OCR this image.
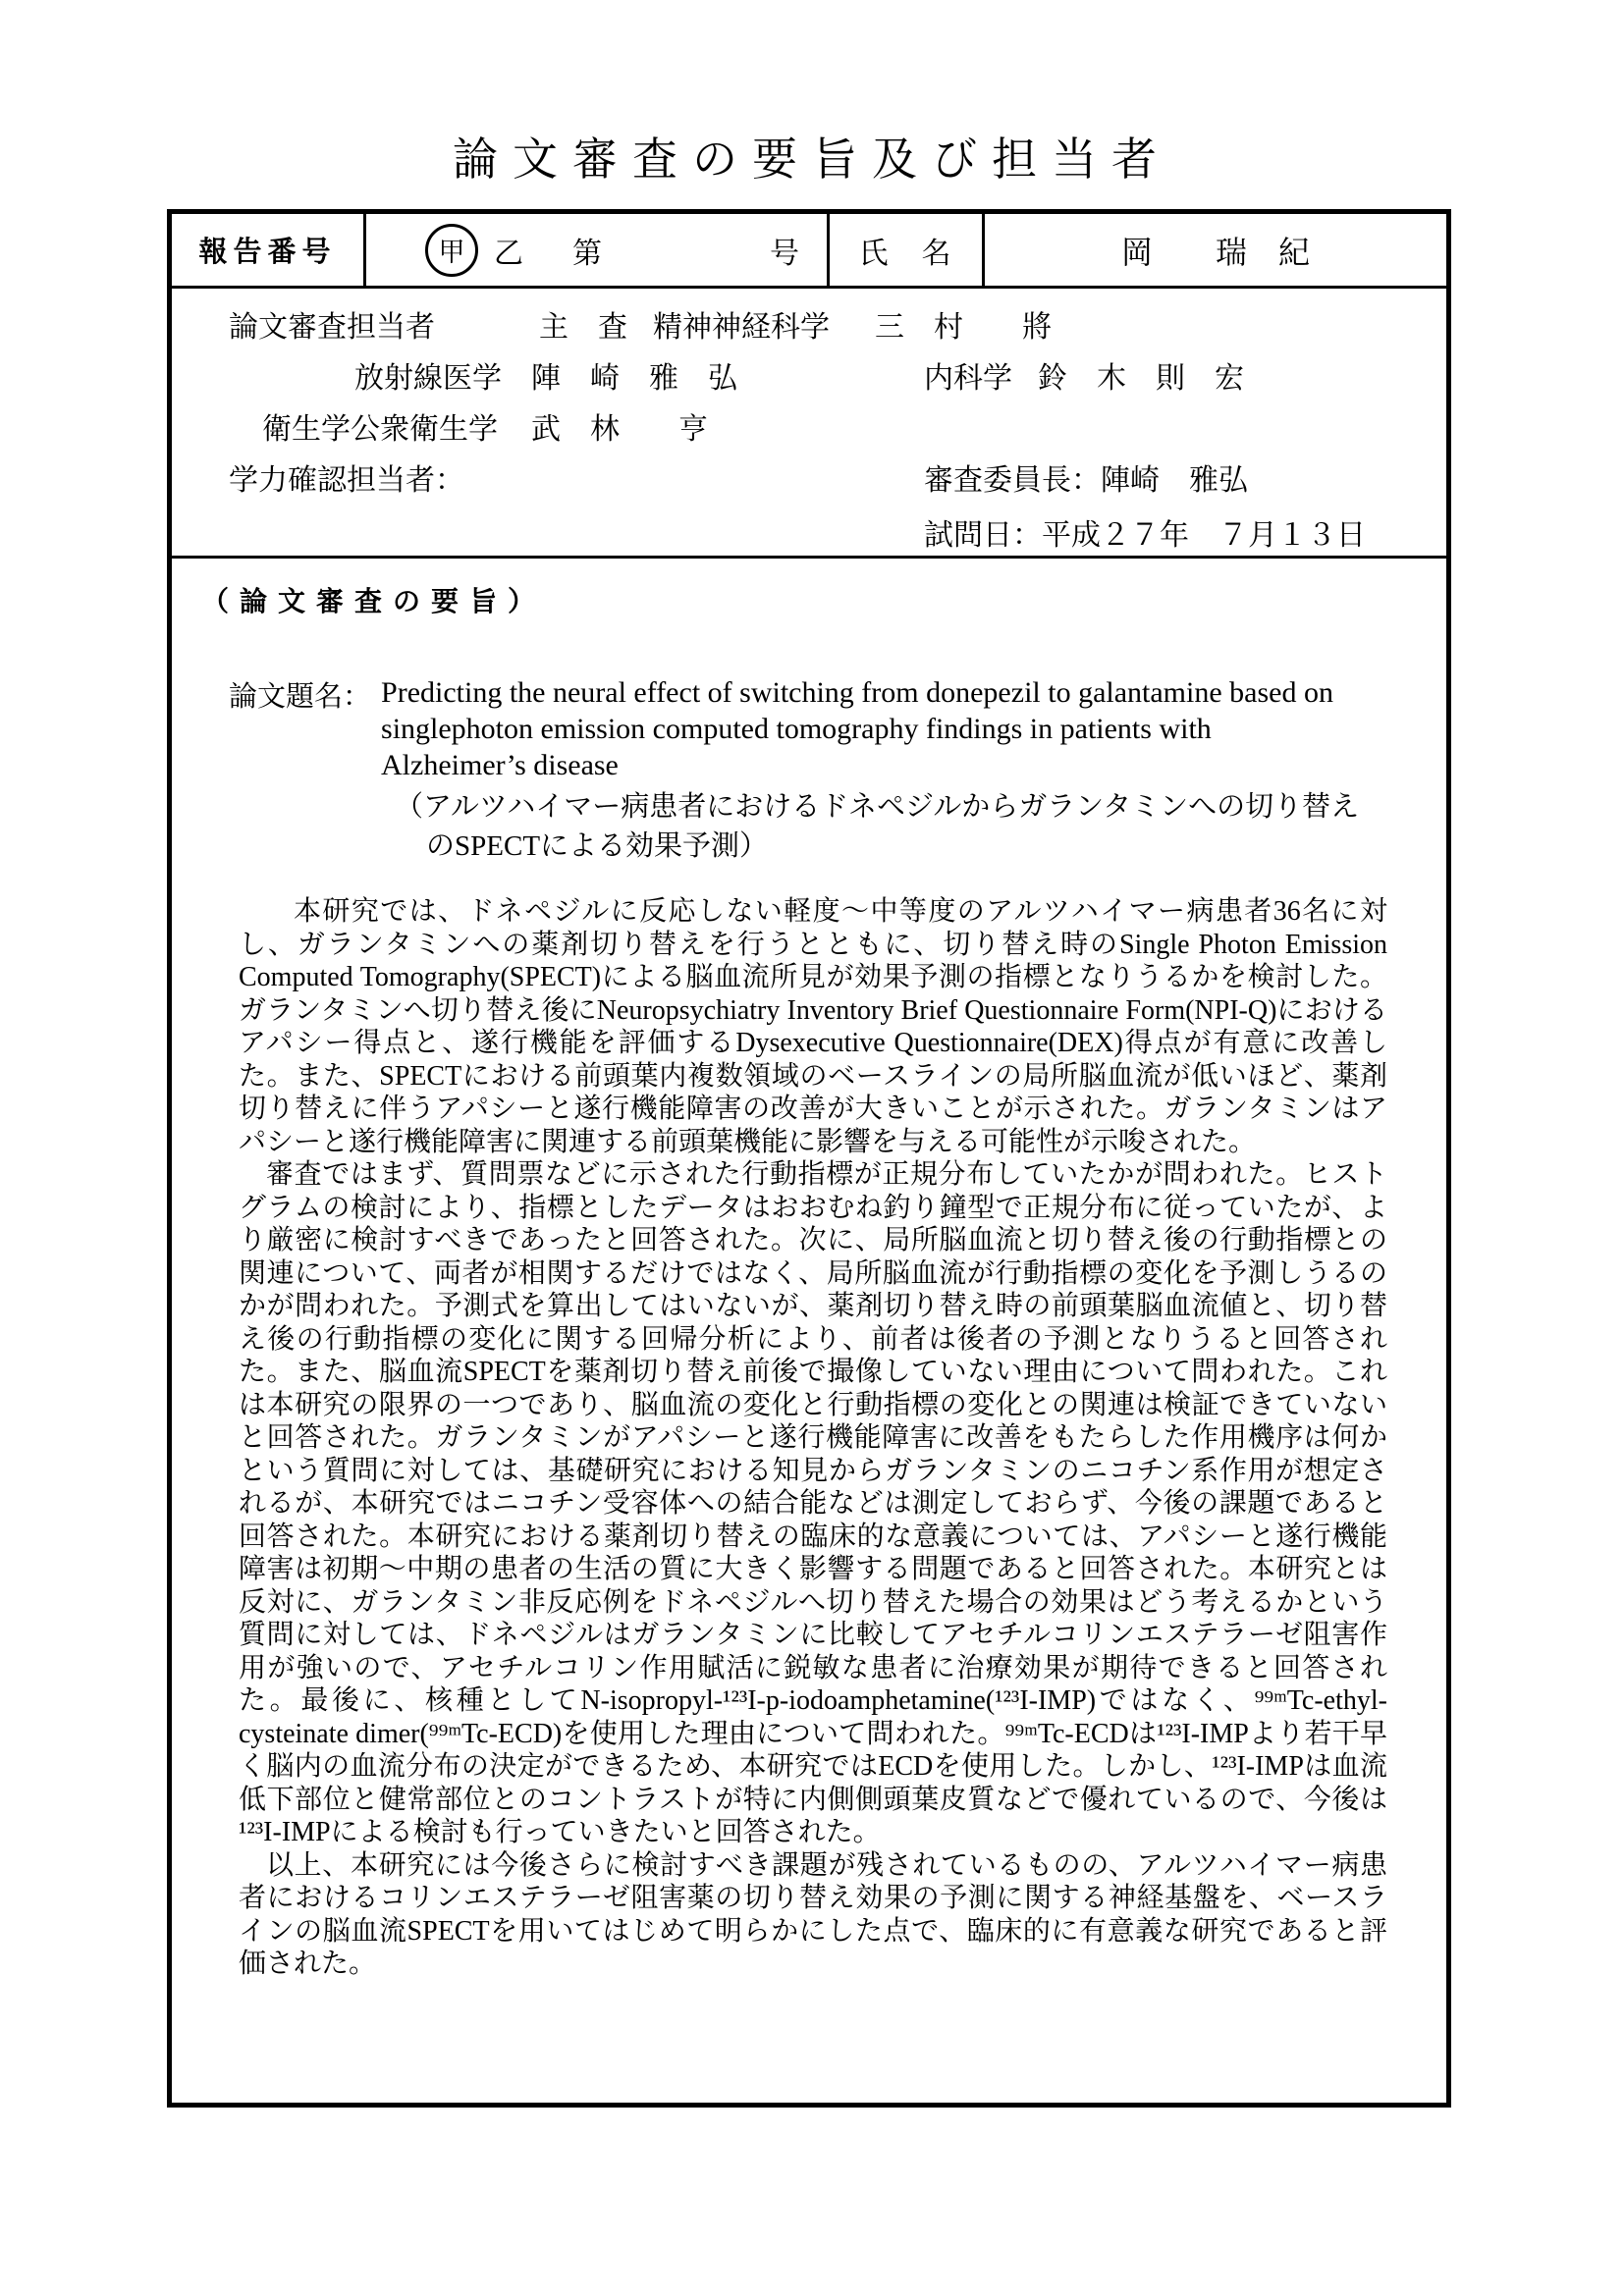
論文審査の要旨及び担当者
報告番号	甲 乙　第	号	氏　名	岡　　瑞　紀
論文審査担当者	主　査 精神神経科学 三　村　　將
放射線医学 陣　崎　雅　弘	内科学 鈴　木　則　宏
衛生学公衆衛生学 武　林　　亨
学力確認担当者：	審査委員長：陣崎　雅弘
試問日：平成２７年　７月１３日
（論文審査の要旨）
論文題名： Predicting the neural effect of switching from donepezil to galantamine based on
singlephoton emission computed tomography findings in patients with
Alzheimer’s disease
（アルツハイマー病患者におけるドネペジルからガランタミンへの切り替え
のSPECTによる効果予測）

本研究では、ドネペジルに反応しない軽度～中等度のアルツハイマー病患者36名に対し、ガランタミンへの薬剤切り替えを行うとともに、切り替え時のSingle Photon Emission Computed Tomography(SPECT)による脳血流所見が効果予測の指標となりうるかを検討した。ガランタミンへ切り替え後にNeuropsychiatry Inventory Brief Questionnaire Form(NPI-Q)におけるアパシー得点と、遂行機能を評価するDysexecutive Questionnaire(DEX)得点が有意に改善した。また、SPECTにおける前頭葉内複数領域のベースラインの局所脳血流が低いほど、薬剤切り替えに伴うアパシーと遂行機能障害の改善が大きいことが示された。ガランタミンはアパシーと遂行機能障害に関連する前頭葉機能に影響を与える可能性が示唆された。

審査ではまず、質問票などに示された行動指標が正規分布していたかが問われた。ヒストグラムの検討により、指標としたデータはおおむね釣り鐘型で正規分布に従っていたが、より厳密に検討すべきであったと回答された。次に、局所脳血流と切り替え後の行動指標との関連について、両者が相関するだけではなく、局所脳血流が行動指標の変化を予測しうるのかが問われた。予測式を算出してはいないが、薬剤切り替え時の前頭葉脳血流値と、切り替え後の行動指標の変化に関する回帰分析により、前者は後者の予測となりうると回答された。また、脳血流SPECTを薬剤切り替え前後で撮像していない理由について問われた。これは本研究の限界の一つであり、脳血流の変化と行動指標の変化との関連は検証できていないと回答された。ガランタミンがアパシーと遂行機能障害に改善をもたらした作用機序は何かという質問に対しては、基礎研究における知見からガランタミンのニコチン系作用が想定されるが、本研究ではニコチン受容体への結合能などは測定しておらず、今後の課題であると回答された。本研究における薬剤切り替えの臨床的な意義については、アパシーと遂行機能障害は初期～中期の患者の生活の質に大きく影響する問題であると回答された。本研究とは反対に、ガランタミン非反応例をドネペジルへ切り替えた場合の効果はどう考えるかという質問に対しては、ドネペジルはガランタミンに比較してアセチルコリンエステラーゼ阻害作用が強いので、アセチルコリン作用賦活に鋭敏な患者に治療効果が期待できると回答された。最後に、核種としてN-isopropyl-¹²³I-p-iodoamphetamine(¹²³I-IMP)ではなく、⁹⁹ᵐTc-ethyl-cysteinate dimer(⁹⁹ᵐTc-ECD)を使用した理由について問われた。⁹⁹ᵐTc-ECDは¹²³I-IMPより若干早く脳内の血流分布の決定ができるため、本研究ではECDを使用した。しかし、¹²³I-IMPは血流低下部位と健常部位とのコントラストが特に内側側頭葉皮質などで優れているので、今後は¹²³I-IMPによる検討も行っていきたいと回答された。

以上、本研究には今後さらに検討すべき課題が残されているものの、アルツハイマー病患者におけるコリンエステラーゼ阻害薬の切り替え効果の予測に関する神経基盤を、ベースラインの脳血流SPECTを用いてはじめて明らかにした点で、臨床的に有意義な研究であると評価された。
